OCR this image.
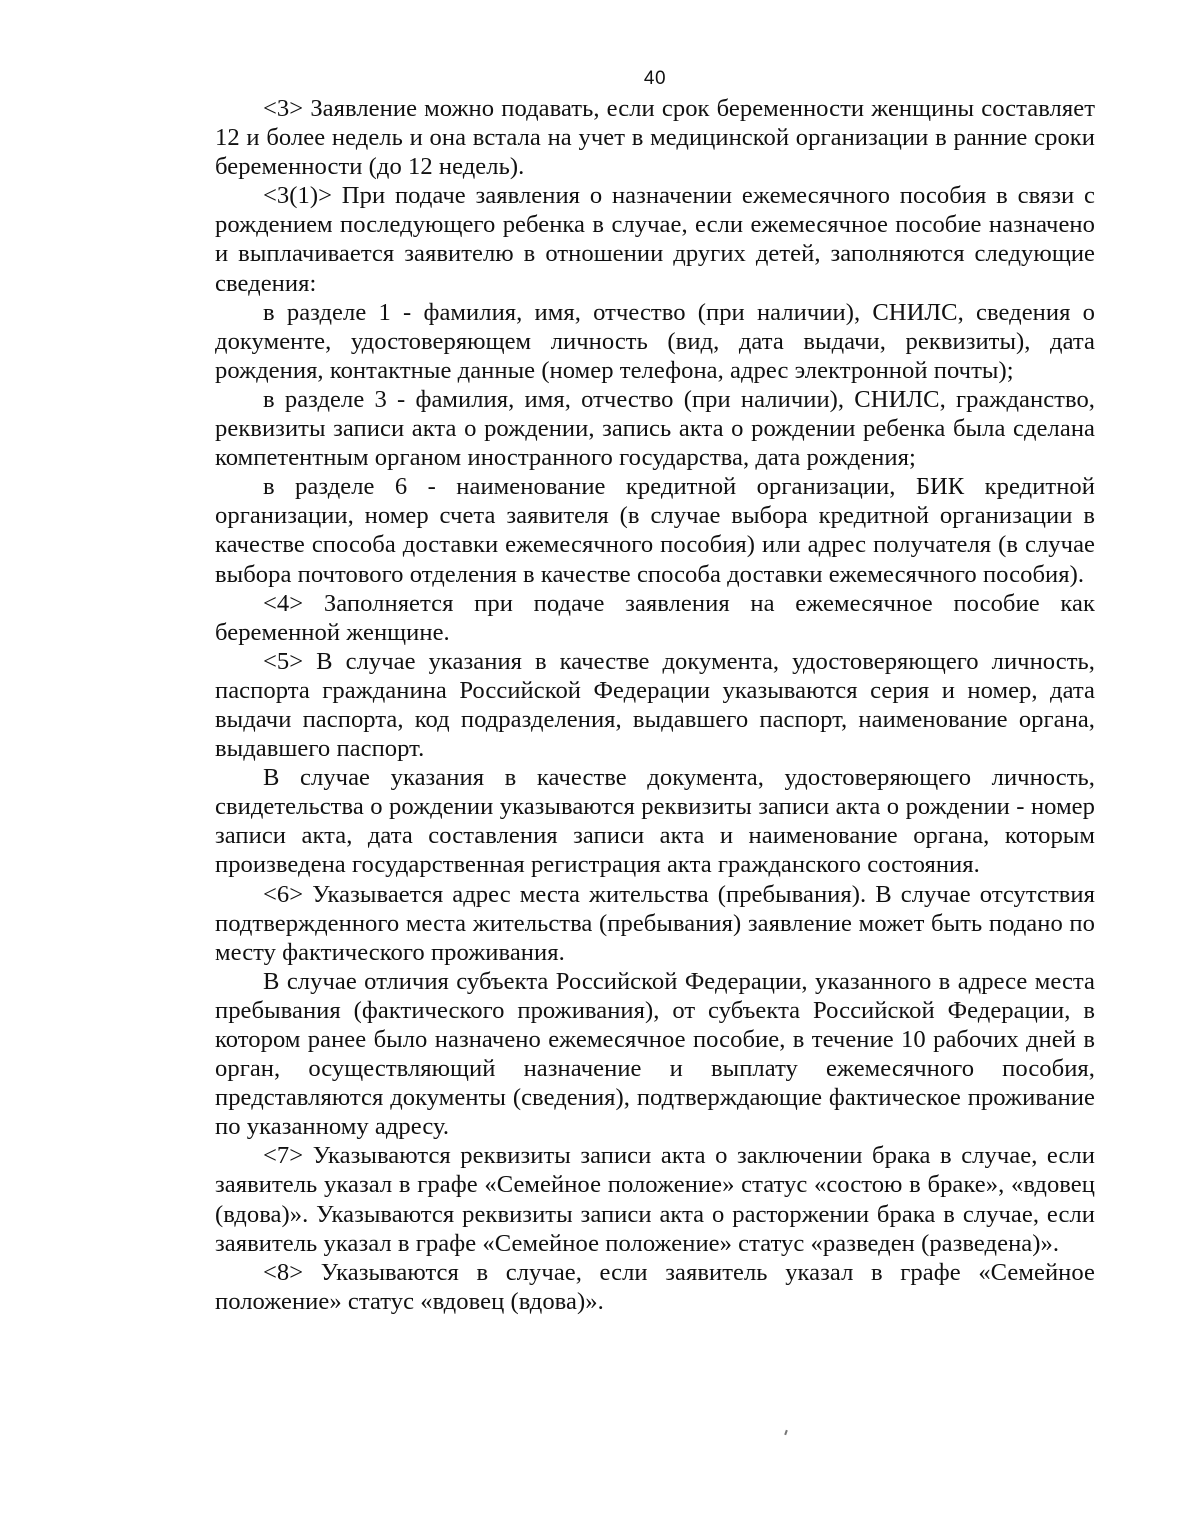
40

<3> Заявление можно подавать, если срок беременности женщины составляет 12 и более недель и она встала на учет в медицинской организации в ранние сроки беременности (до 12 недель).

<3(1)> При подаче заявления о назначении ежемесячного пособия в связи с рождением последующего ребенка в случае, если ежемесячное пособие назначено и выплачивается заявителю в отношении других детей, заполняются следующие сведения:

в разделе 1 - фамилия, имя, отчество (при наличии), СНИЛС, сведения о документе, удостоверяющем личность (вид, дата выдачи, реквизиты), дата рождения, контактные данные (номер телефона, адрес электронной почты);

в разделе 3 - фамилия, имя, отчество (при наличии), СНИЛС, гражданство, реквизиты записи акта о рождении, запись акта о рождении ребенка была сделана компетентным органом иностранного государства, дата рождения;

в разделе 6 - наименование кредитной организации, БИК кредитной организации, номер счета заявителя (в случае выбора кредитной организации в качестве способа доставки ежемесячного пособия) или адрес получателя (в случае выбора почтового отделения в качестве способа доставки ежемесячного пособия).

<4> Заполняется при подаче заявления на ежемесячное пособие как беременной женщине.

<5> В случае указания в качестве документа, удостоверяющего личность, паспорта гражданина Российской Федерации указываются серия и номер, дата выдачи паспорта, код подразделения, выдавшего паспорт, наименование органа, выдавшего паспорт.

В случае указания в качестве документа, удостоверяющего личность, свидетельства о рождении указываются реквизиты записи акта о рождении - номер записи акта, дата составления записи акта и наименование органа, которым произведена государственная регистрация акта гражданского состояния.

<6> Указывается адрес места жительства (пребывания). В случае отсутствия подтвержденного места жительства (пребывания) заявление может быть подано по месту фактического проживания.

В случае отличия субъекта Российской Федерации, указанного в адресе места пребывания (фактического проживания), от субъекта Российской Федерации, в котором ранее было назначено ежемесячное пособие, в течение 10 рабочих дней в орган, осуществляющий назначение и выплату ежемесячного пособия, представляются документы (сведения), подтверждающие фактическое проживание по указанному адресу.

<7> Указываются реквизиты записи акта о заключении брака в случае, если заявитель указал в графе «Семейное положение» статус «состою в браке», «вдовец (вдова)». Указываются реквизиты записи акта о расторжении брака в случае, если заявитель указал в графе «Семейное положение» статус «разведен (разведена)».

<8> Указываются в случае, если заявитель указал в графе «Семейное положение» статус «вдовец (вдова)».
